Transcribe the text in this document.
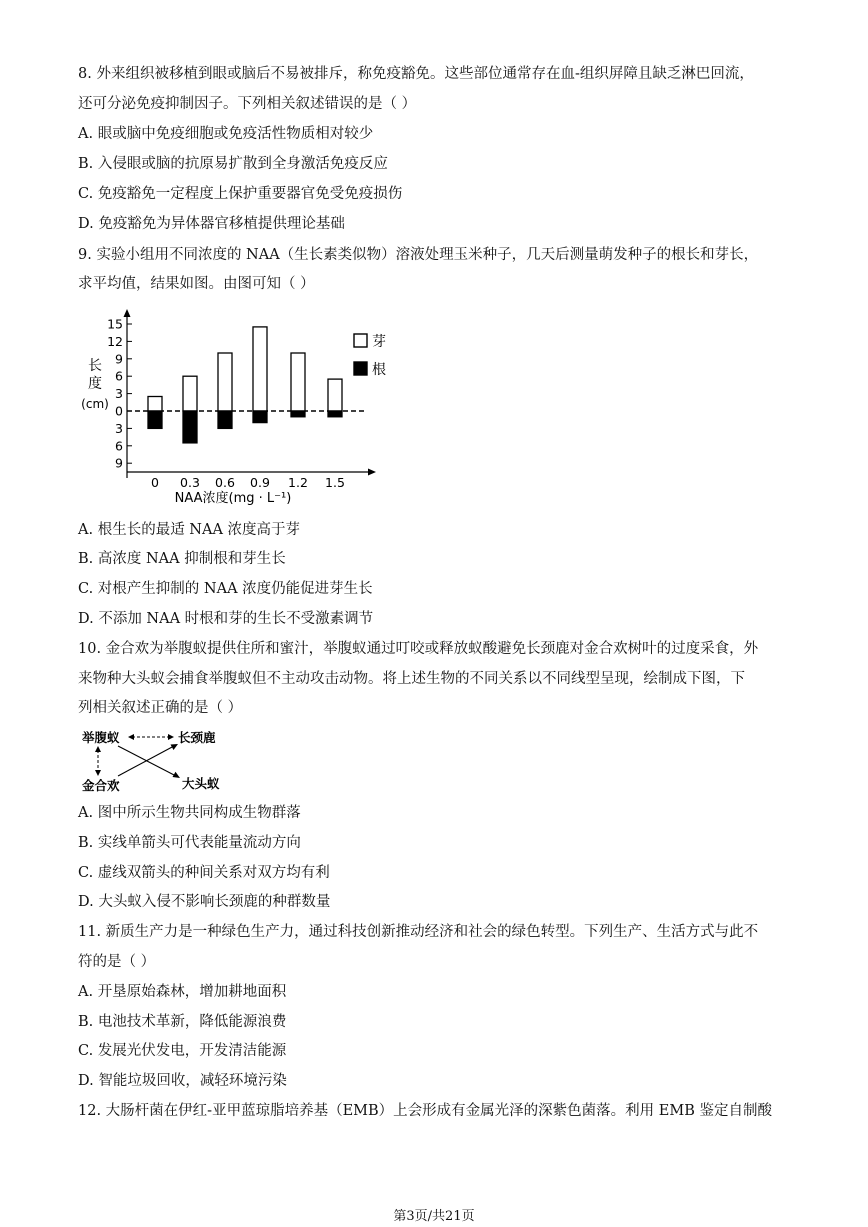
8. 外来组织被移植到眼或脑后不易被排斥，称免疫豁免。这些部位通常存在血-组织屏障且缺乏淋巴回流，
还可分泌免疫抑制因子。下列相关叙述错误的是（ ）
A. 眼或脑中免疫细胞或免疫活性物质相对较少
B. 入侵眼或脑的抗原易扩散到全身激活免疫反应
C. 免疫豁免一定程度上保护重要器官免受免疫损伤
D. 免疫豁免为异体器官移植提供理论基础
9. 实验小组用不同浓度的 NAA（生长素类似物）溶液处理玉米种子，几天后测量萌发种子的根长和芽长，
求平均值，结果如图。由图可知（ ）
15
12
9
6
3
0
3
6
9
0 0.3 0.6 0.9 1.2 1.5
长
度
(cm)
NAA浓度(mg · L⁻¹)
芽
根
A. 根生长的最适 NAA 浓度高于芽
B. 高浓度 NAA 抑制根和芽生长
C. 对根产生抑制的 NAA 浓度仍能促进芽生长
D. 不添加 NAA 时根和芽的生长不受激素调节
10. 金合欢为举腹蚁提供住所和蜜汁，举腹蚁通过叮咬或释放蚁酸避免长颈鹿对金合欢树叶的过度采食，外
来物种大头蚁会捕食举腹蚁但不主动攻击动物。将上述生物的不同关系以不同线型呈现，绘制成下图，下
列相关叙述正确的是（ ）
举腹蚁	长颈鹿
金合欢	大头蚁
A. 图中所示生物共同构成生物群落
B. 实线单箭头可代表能量流动方向
C. 虚线双箭头的种间关系对双方均有利
D. 大头蚁入侵不影响长颈鹿的种群数量
11. 新质生产力是一种绿色生产力，通过科技创新推动经济和社会的绿色转型。下列生产、生活方式与此不
符的是（ ）
A. 开垦原始森林，增加耕地面积
B. 电池技术革新，降低能源浪费
C. 发展光伏发电，开发清洁能源
D. 智能垃圾回收，减轻环境污染
12. 大肠杆菌在伊红-亚甲蓝琼脂培养基（EMB）上会形成有金属光泽的深紫色菌落。利用 EMB 鉴定自制酸
第3页/共21页
